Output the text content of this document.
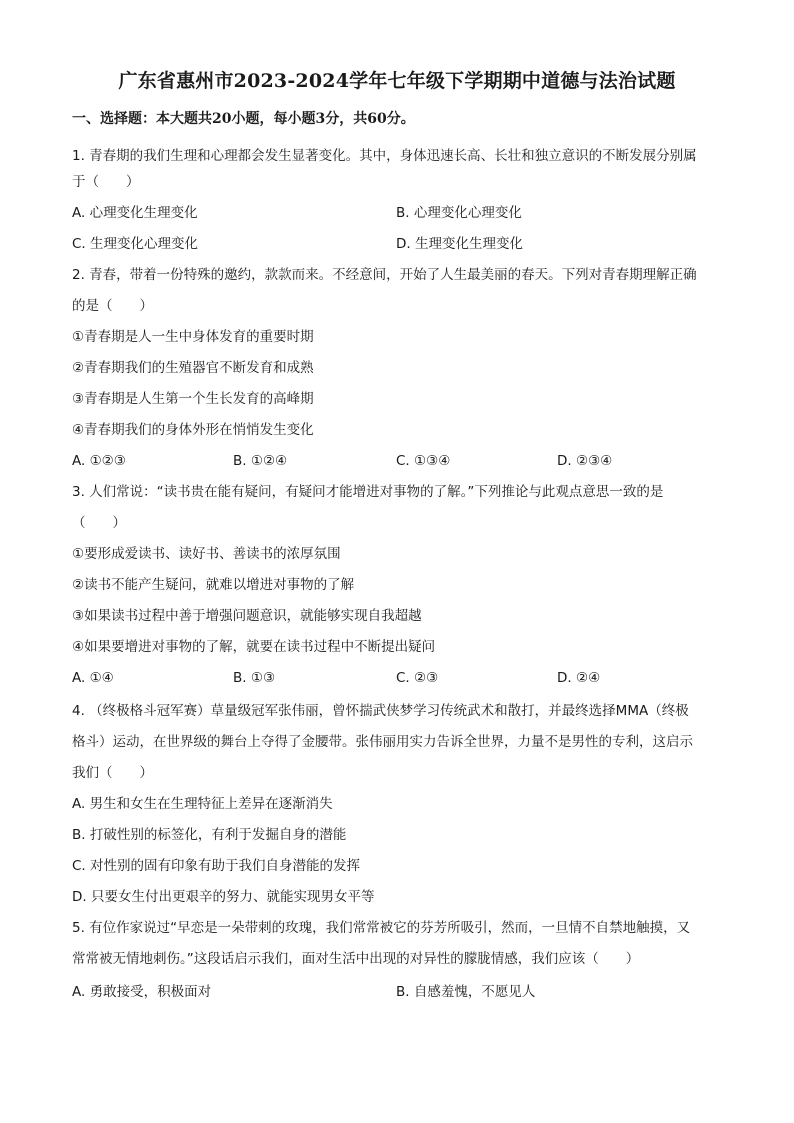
广东省惠州市2023-2024学年七年级下学期期中道德与法治试题
一、选择题：本大题共20小题，每小题3分，共60分。
1. 青春期的我们生理和心理都会发生显著变化。其中，身体迅速长高、长壮和独立意识的不断发展分别属
于（　　）
A. 心理变化生理变化	B. 心理变化心理变化
C. 生理变化心理变化	D. 生理变化生理变化
2. 青春，带着一份特殊的邀约，款款而来。不经意间，开始了人生最美丽的春天。下列对青春期理解正确
的是（　　）
①青春期是人一生中身体发育的重要时期
②青春期我们的生殖器官不断发育和成熟
③青春期是人生第一个生长发育的高峰期
④青春期我们的身体外形在悄悄发生变化
A. ①②③	B. ①②④	C. ①③④	D. ②③④
3. 人们常说：“读书贵在能有疑问，有疑问才能增进对事物的了解。”下列推论与此观点意思一致的是
（　　）
①要形成爱读书、读好书、善读书的浓厚氛围
②读书不能产生疑问，就难以增进对事物的了解
③如果读书过程中善于增强问题意识，就能够实现自我超越
④如果要增进对事物的了解，就要在读书过程中不断提出疑问
A. ①④	B. ①③	C. ②③	D. ②④
4. （终极格斗冠军赛）草量级冠军张伟丽，曾怀揣武侠梦学习传统武术和散打，并最终选择MMA（终极
格斗）运动，在世界级的舞台上夺得了金腰带。张伟丽用实力告诉全世界，力量不是男性的专利，这启示
我们（　　）
A. 男生和女生在生理特征上差异在逐渐消失
B. 打破性别的标签化，有利于发掘自身的潜能
C. 对性别的固有印象有助于我们自身潜能的发挥
D. 只要女生付出更艰辛的努力、就能实现男女平等
5. 有位作家说过“早恋是一朵带刺的玫瑰，我们常常被它的芬芳所吸引，然而，一旦情不自禁地触摸，又
常常被无情地刺伤。”这段话启示我们，面对生活中出现的对异性的朦胧情感，我们应该（　　）
A. 勇敢接受，积极面对	B. 自感羞愧，不愿见人
